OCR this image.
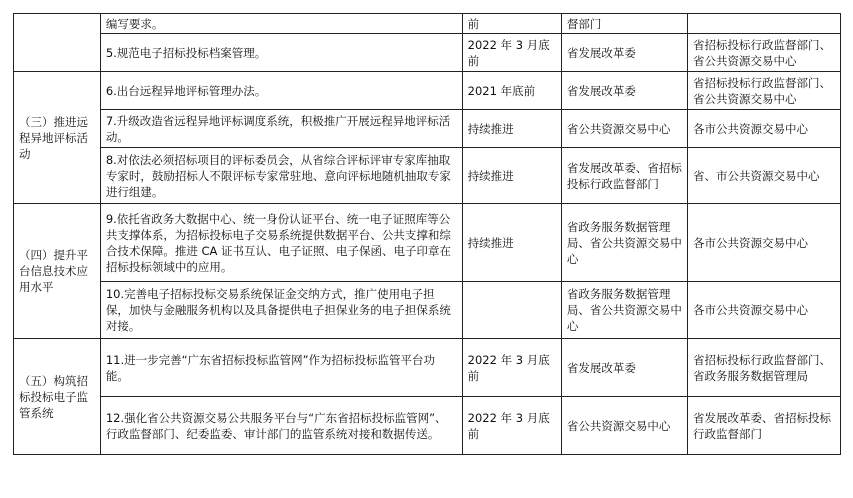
	编写要求。	前	督部门	
	5.规范电子招标投标档案管理。	2022 年 3 月底前	省发展改革委	省招标投标行政监督部门、省公共资源交易中心
（三）推进远程异地评标活动	6.出台远程异地评标管理办法。	2021 年底前	省发展改革委	省招标投标行政监督部门、省公共资源交易中心
	7.升级改造省远程异地评标调度系统，积极推广开展远程异地评标活动。	持续推进	省公共资源交易中心	各市公共资源交易中心
	8.对依法必须招标项目的评标委员会，从省综合评标评审专家库抽取专家时，鼓励招标人不限评标专家常驻地、意向评标地随机抽取专家进行组建。	持续推进	省发展改革委、省招标投标行政监督部门	省、市公共资源交易中心
（四）提升平台信息技术应用水平	9.依托省政务大数据中心、统一身份认证平台、统一电子证照库等公共支撑体系，为招标投标电子交易系统提供数据平台、公共支撑和综合技术保障。推进 CA 证书互认、电子证照、电子保函、电子印章在招标投标领域中的应用。	持续推进	省政务服务数据管理局、省公共资源交易中心	各市公共资源交易中心
	10.完善电子招标投标交易系统保证金交纳方式，推广使用电子担保，加快与金融服务机构以及具备提供电子担保业务的电子担保系统对接。		省政务服务数据管理局、省公共资源交易中心	各市公共资源交易中心
（五）构筑招标投标电子监管系统	11.进一步完善“广东省招标投标监管网”作为招标投标监管平台功能。	2022 年 3 月底前	省发展改革委	省招标投标行政监督部门、省政务服务数据管理局
	12.强化省公共资源交易公共服务平台与“广东省招标投标监管网”、行政监督部门、纪委监委、审计部门的监管系统对接和数据传送。	2022 年 3 月底前	省公共资源交易中心	省发展改革委、省招标投标行政监督部门
